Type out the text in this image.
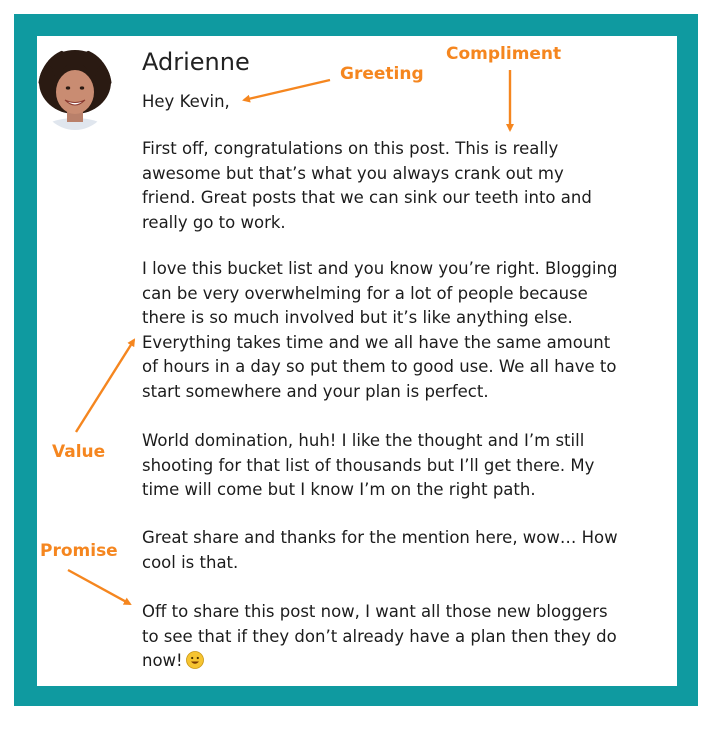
Adrienne
Hey Kevin,

First off, congratulations on this post. This is really awesome but that’s what you always crank out my friend. Great posts that we can sink our teeth into and really go to work.

I love this bucket list and you know you’re right. Blogging can be very overwhelming for a lot of people because there is so much involved but it’s like anything else. Everything takes time and we all have the same amount of hours in a day so put them to good use. We all have to start somewhere and your plan is perfect.

World domination, huh! I like the thought and I’m still shooting for that list of thousands but I’ll get there. My time will come but I know I’m on the right path.

Great share and thanks for the mention here, wow… How cool is that.

Off to share this post now, I want all those new bloggers to see that if they don’t already have a plan then they do now!

Greeting
Compliment
Value
Promise
